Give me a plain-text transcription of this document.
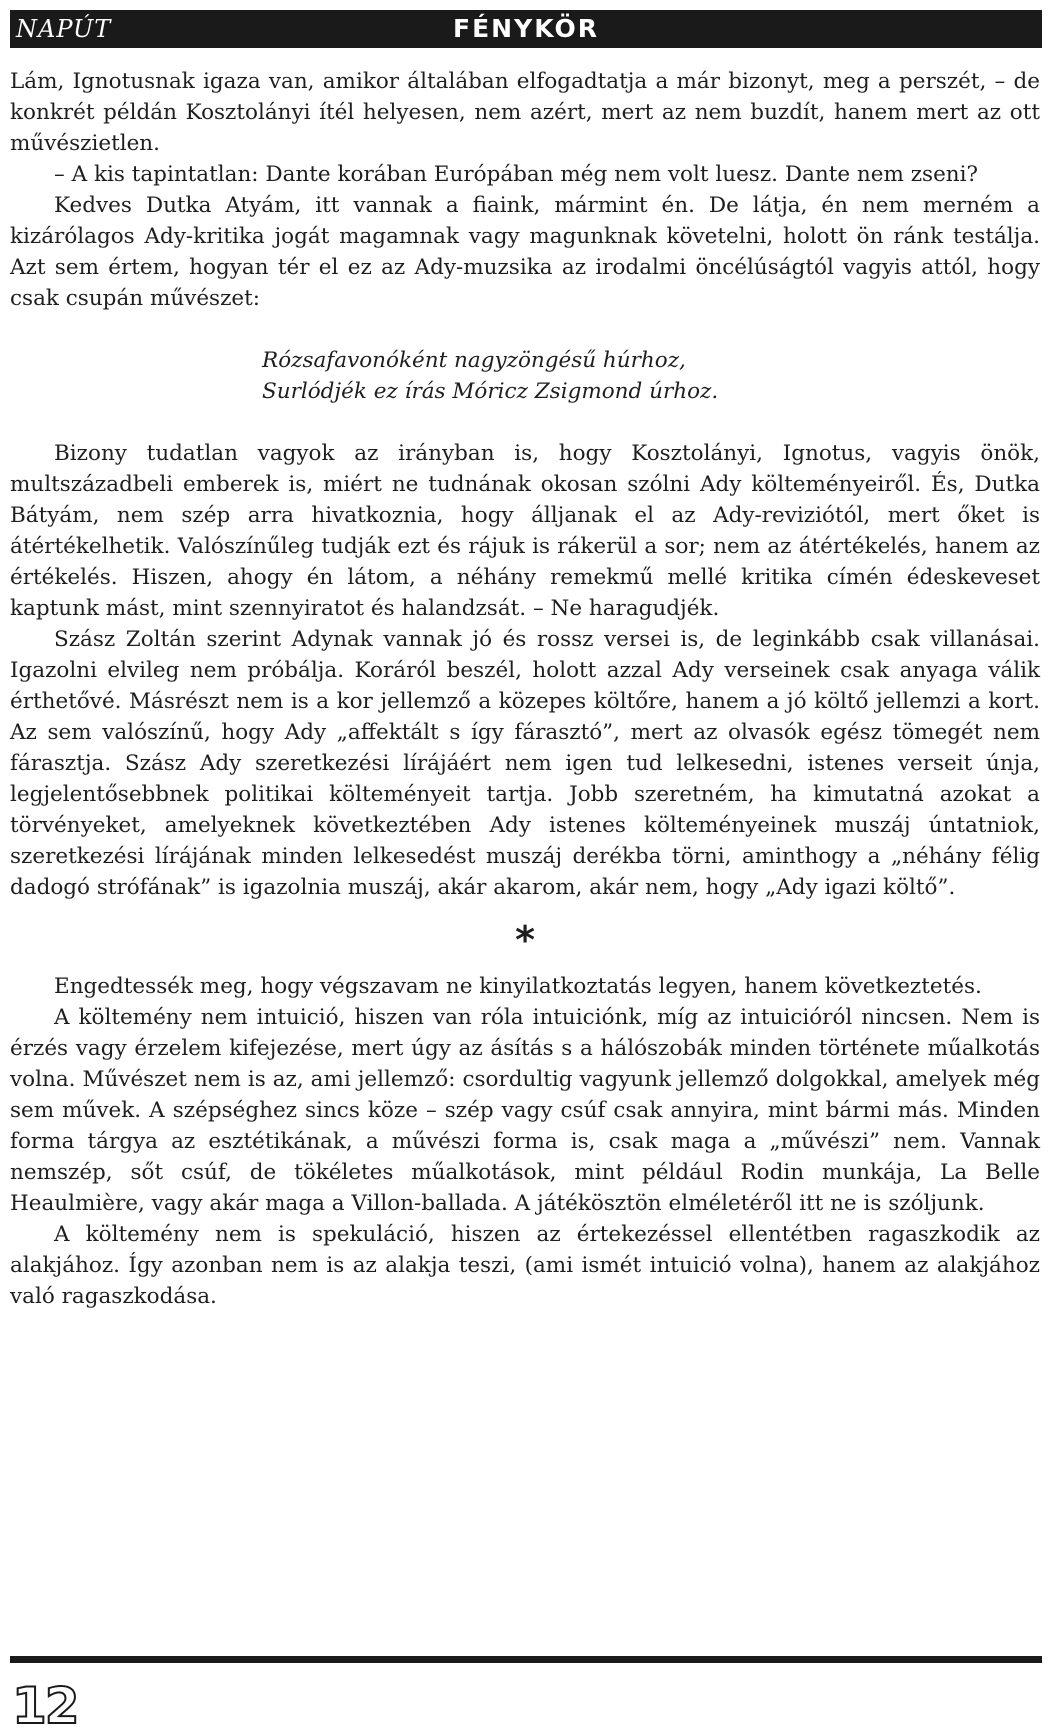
NAPÚT	FÉNYKÖR

Lám, Ignotusnak igaza van, amikor általában elfogadtatja a már bizonyt, meg a perszét, – de konkrét példán Kosztolányi ítél helyesen, nem azért, mert az nem buzdít, hanem mert az ott művészietlen.

– A kis tapintatlan: Dante korában Európában még nem volt luesz. Dante nem zseni?

Kedves Dutka Atyám, itt vannak a fiaink, mármint én. De látja, én nem merném a kizárólagos Ady-kritika jogát magamnak vagy magunknak követelni, holott ön ránk testálja. Azt sem értem, hogyan tér el ez az Ady-muzsika az irodalmi öncélúságtól vagyis attól, hogy csak csupán művészet:

Rózsafavonóként nagyzöngésű húrhoz,
Surlódjék ez írás Móricz Zsigmond úrhoz.

Bizony tudatlan vagyok az irányban is, hogy Kosztolányi, Ignotus, vagyis önök, multszázadbeli emberek is, miért ne tudnának okosan szólni Ady költeményeiről. És, Dutka Bátyám, nem szép arra hivatkoznia, hogy álljanak el az Ady-reviziótól, mert őket is átértékelhetik. Valószínűleg tudják ezt és rájuk is rákerül a sor; nem az átértékelés, hanem az értékelés. Hiszen, ahogy én látom, a néhány remekmű mellé kritika címén édeskeveset kaptunk mást, mint szennyiratot és halandzsát. – Ne haragudjék.

Szász Zoltán szerint Adynak vannak jó és rossz versei is, de leginkább csak villanásai. Igazolni elvileg nem próbálja. Koráról beszél, holott azzal Ady verseinek csak anyaga válik érthetővé. Másrészt nem is a kor jellemző a közepes költőre, hanem a jó költő jellemzi a kort. Az sem valószínű, hogy Ady „affektált s így fárasztó”, mert az olvasók egész tömegét nem fárasztja. Szász Ady szeretkezési lírájáért nem igen tud lelkesedni, istenes verseit únja, legjelentősebbnek politikai költeményeit tartja. Jobb szeretném, ha kimutatná azokat a törvényeket, amelyeknek következtében Ady istenes költeményeinek muszáj úntatniok, szeretkezési lírájának minden lelkesedést muszáj derékba törni, aminthogy a „néhány félig dadogó strófának” is igazolnia muszáj, akár akarom, akár nem, hogy „Ady igazi költő”.

*

Engedtessék meg, hogy végszavam ne kinyilatkoztatás legyen, hanem következtetés.

A költemény nem intuició, hiszen van róla intuiciónk, míg az intuicióról nincsen. Nem is érzés vagy érzelem kifejezése, mert úgy az ásítás s a hálószobák minden története műalkotás volna. Művészet nem is az, ami jellemző: csordultig vagyunk jellemző dolgokkal, amelyek még sem művek. A szépséghez sincs köze – szép vagy csúf csak annyira, mint bármi más. Minden forma tárgya az esztétikának, a művészi forma is, csak maga a „művészi” nem. Vannak nemszép, sőt csúf, de tökéletes műalkotások, mint például Rodin munkája, La Belle Heaulmière, vagy akár maga a Villon-ballada. A játékösztön elméletéről itt ne is szóljunk.

A költemény nem is spekuláció, hiszen az értekezéssel ellentétben ragaszkodik az alakjához. Így azonban nem is az alakja teszi, (ami ismét intuició volna), hanem az alakjához való ragaszkodása.

12
